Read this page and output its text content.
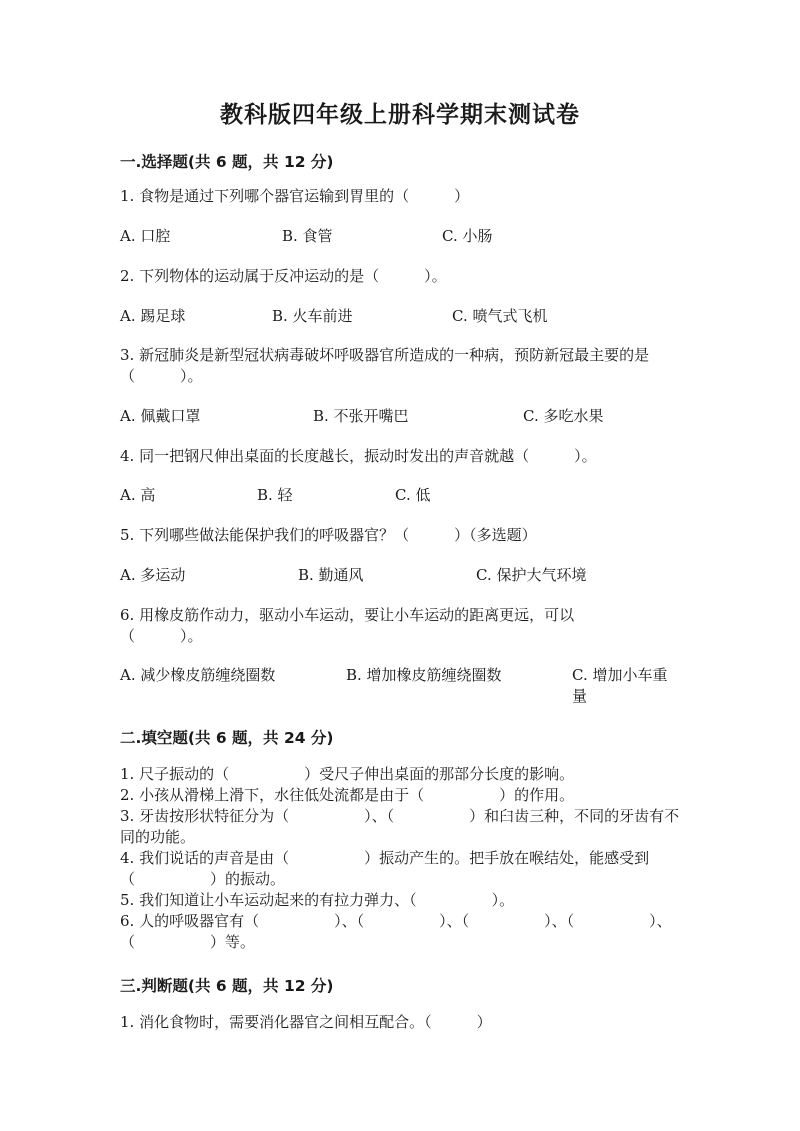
教科版四年级上册科学期末测试卷
一.选择题(共 6 题，共 12 分)
1. 食物是通过下列哪个器官运输到胃里的（　　　）
A. 口腔	B. 食管	C. 小肠
2. 下列物体的运动属于反冲运动的是（　　　）。
A. 踢足球	B. 火车前进	C. 喷气式飞机
3. 新冠肺炎是新型冠状病毒破坏呼吸器官所造成的一种病，预防新冠最主要的是（　　　）。
A. 佩戴口罩	B. 不张开嘴巴	C. 多吃水果
4. 同一把钢尺伸出桌面的长度越长，振动时发出的声音就越（　　　）。
A. 高	B. 轻	C. 低
5. 下列哪些做法能保护我们的呼吸器官？（　　　）（多选题）
A. 多运动	B. 勤通风	C. 保护大气环境
6. 用橡皮筋作动力，驱动小车运动，要让小车运动的距离更远，可以（　　　）。
A. 减少橡皮筋缠绕圈数	B. 增加橡皮筋缠绕圈数	C. 增加小车重量
二.填空题(共 6 题，共 24 分)
1. 尺子振动的（　　　　　）受尺子伸出桌面的那部分长度的影响。
2. 小孩从滑梯上滑下，水往低处流都是由于（　　　　　）的作用。
3. 牙齿按形状特征分为（　　　　　）、（　　　　　）和臼齿三种，不同的牙齿有不同的功能。
4. 我们说话的声音是由（　　　　　）振动产生的。把手放在喉结处，能感受到（　　　　　）的振动。
5. 我们知道让小车运动起来的有拉力弹力、（　　　　　）。
6. 人的呼吸器官有（　　　　　）、（　　　　　）、（　　　　　）、（　　　　　）、（　　　　　）等。
三.判断题(共 6 题，共 12 分)
1. 消化食物时，需要消化器官之间相互配合。（　　　）
